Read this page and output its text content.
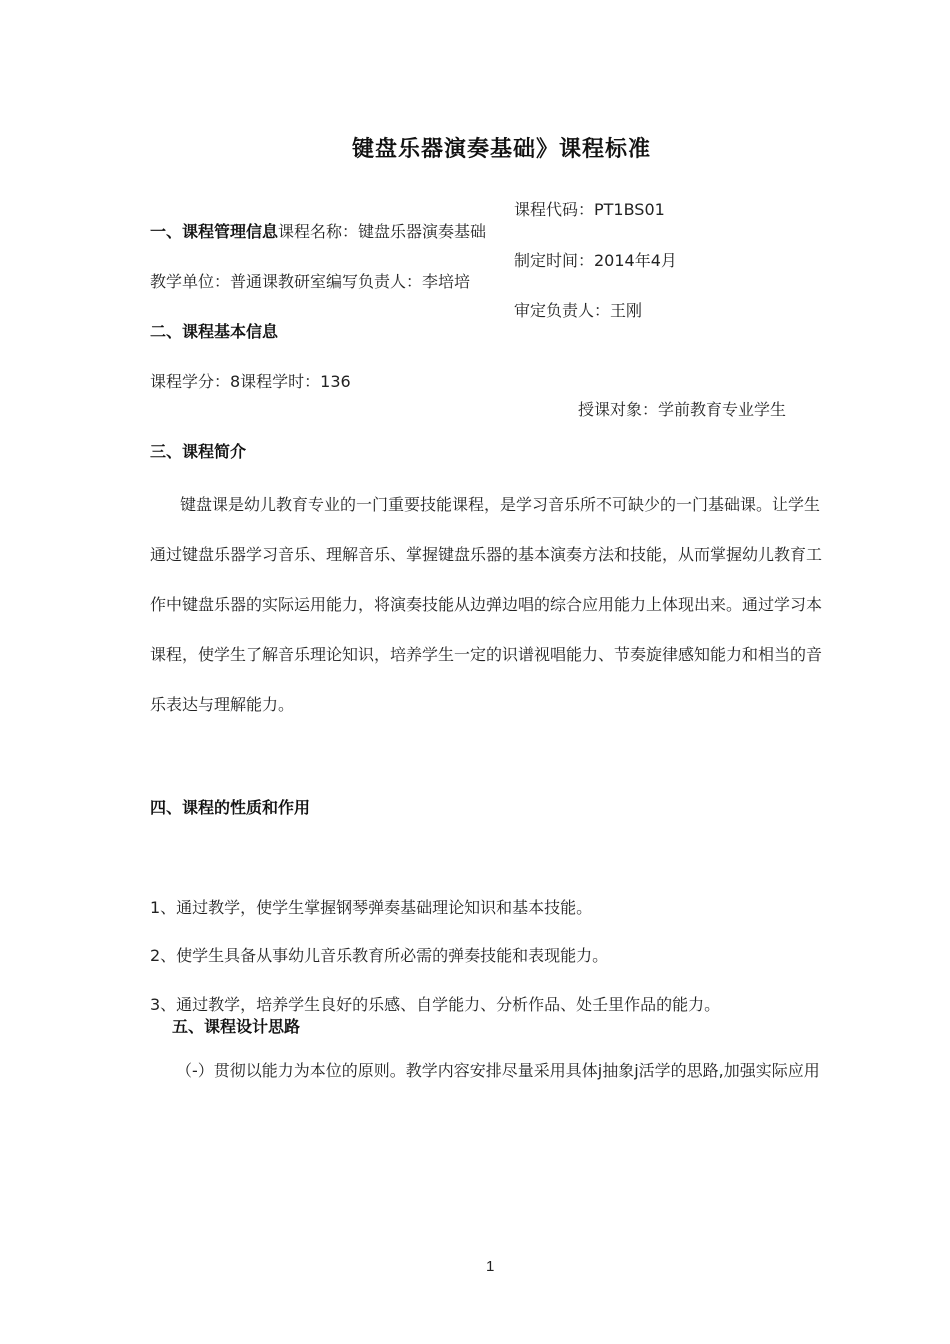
键盘乐器演奏基础》课程标准
课程代码：PT1BS01
一、课程管理信息课程名称：键盘乐器演奏基础
制定时间：2014年4月
教学单位：普通课教研室编写负责人：李培培
审定负责人：王刚
二、课程基本信息
课程学分：8课程学时：136
授课对象：学前教育专业学生
三、课程简介
键盘课是幼儿教育专业的一门重要技能课程，是学习音乐所不可缺少的一门基础课。让学生
通过键盘乐器学习音乐、理解音乐、掌握键盘乐器的基本演奏方法和技能，从而掌握幼儿教育工
作中键盘乐器的实际运用能力，将演奏技能从边弹边唱的综合应用能力上体现出来。通过学习本
课程，使学生了解音乐理论知识，培养学生一定的识谱视唱能力、节奏旋律感知能力和相当的音
乐表达与理解能力。
四、课程的性质和作用
1、通过教学，使学生掌握钢琴弹奏基础理论知识和基本技能。
2、使学生具备从事幼儿音乐教育所必需的弹奏技能和表现能力。
3、通过教学，培养学生良好的乐感、自学能力、分析作品、处壬里作品的能力。
五、课程设计思路
（-）贯彻以能力为本位的原则。教学内容安排尽量采用具体j抽象j活学的思路,加强实际应用
1
